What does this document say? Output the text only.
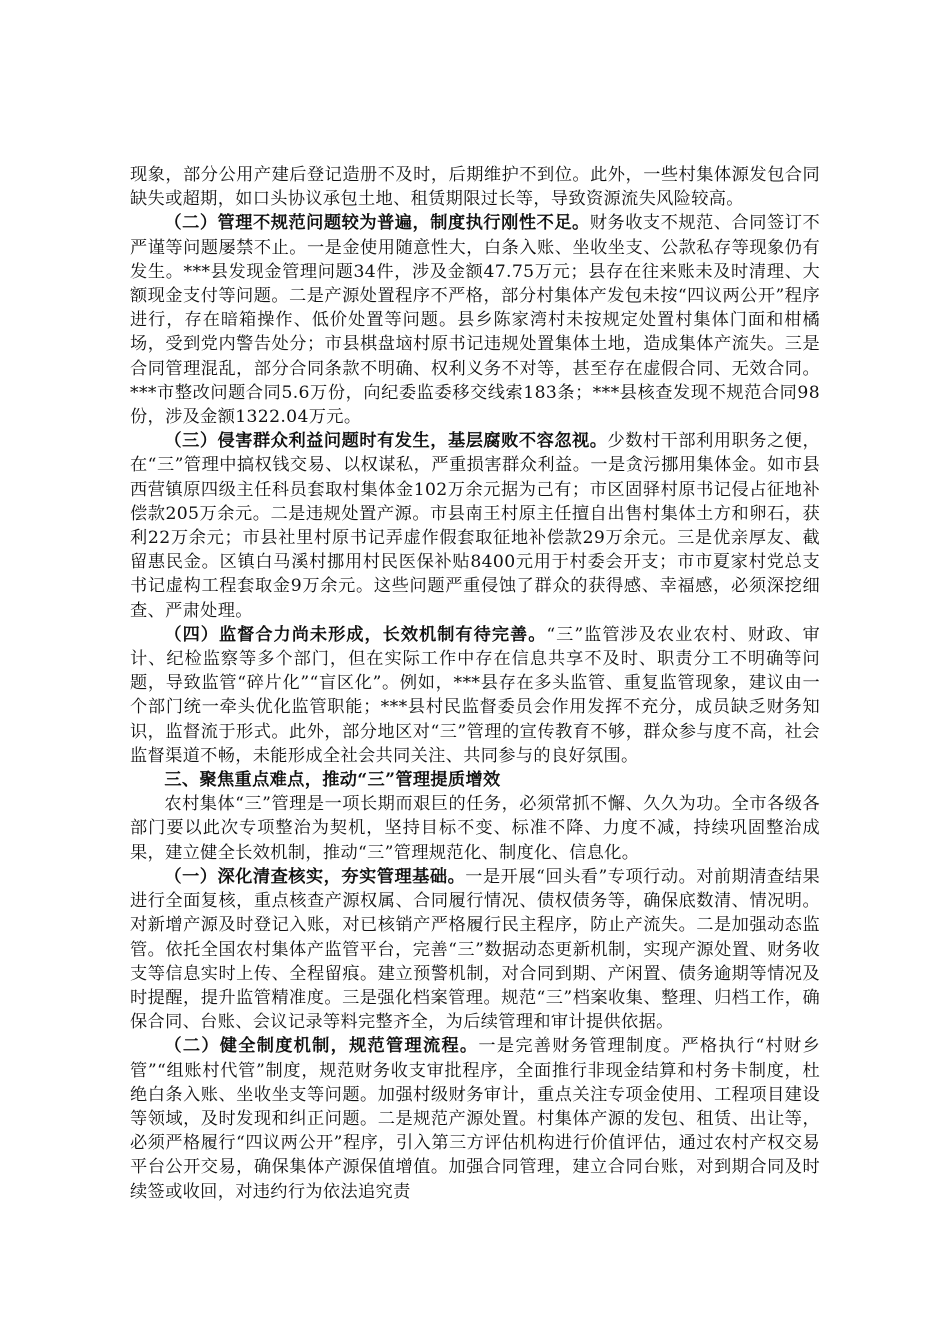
现象，部分公用产建后登记造册不及时，后期维护不到位。此外，一些村集体源发包合同缺失或超期，如口头协议承包土地、租赁期限过长等，导致资源流失风险较高。

（二）管理不规范问题较为普遍，制度执行刚性不足。财务收支不规范、合同签订不严谨等问题屡禁不止。一是金使用随意性大，白条入账、坐收坐支、公款私存等现象仍有发生。***县发现金管理问题34件，涉及金额47.75万元；县存在往来账未及时清理、大额现金支付等问题。二是产源处置程序不严格，部分村集体产发包未按“四议两公开”程序进行，存在暗箱操作、低价处置等问题。县乡陈家湾村未按规定处置村集体门面和柑橘场，受到党内警告处分；市县棋盘垴村原书记违规处置集体土地，造成集体产流失。三是合同管理混乱，部分合同条款不明确、权利义务不对等，甚至存在虚假合同、无效合同。***市整改问题合同5.6万份，向纪委监委移交线索183条；***县核查发现不规范合同98份，涉及金额1322.04万元。

（三）侵害群众利益问题时有发生，基层腐败不容忽视。少数村干部利用职务之便，在“三”管理中搞权钱交易、以权谋私，严重损害群众利益。一是贪污挪用集体金。如市县西营镇原四级主任科员套取村集体金102万余元据为己有；市区固驿村原书记侵占征地补偿款205万余元。二是违规处置产源。市县南王村原主任擅自出售村集体土方和卵石，获利22万余元；市县社里村原书记弄虚作假套取征地补偿款29万余元。三是优亲厚友、截留惠民金。区镇白马溪村挪用村民医保补贴8400元用于村委会开支；市市夏家村党总支书记虚构工程套取金9万余元。这些问题严重侵蚀了群众的获得感、幸福感，必须深挖细查、严肃处理。

（四）监督合力尚未形成，长效机制有待完善。“三”监管涉及农业农村、财政、审计、纪检监察等多个部门，但在实际工作中存在信息共享不及时、职责分工不明确等问题，导致监管“碎片化”“盲区化”。例如，***县存在多头监管、重复监管现象，建议由一个部门统一牵头优化监管职能；***县村民监督委员会作用发挥不充分，成员缺乏财务知识，监督流于形式。此外，部分地区对“三”管理的宣传教育不够，群众参与度不高，社会监督渠道不畅，未能形成全社会共同关注、共同参与的良好氛围。

三、聚焦重点难点，推动“三”管理提质增效

农村集体“三”管理是一项长期而艰巨的任务，必须常抓不懈、久久为功。全市各级各部门要以此次专项整治为契机，坚持目标不变、标准不降、力度不减，持续巩固整治成果，建立健全长效机制，推动“三”管理规范化、制度化、信息化。

（一）深化清查核实，夯实管理基础。一是开展“回头看”专项行动。对前期清查结果进行全面复核，重点核查产源权属、合同履行情况、债权债务等，确保底数清、情况明。对新增产源及时登记入账，对已核销产严格履行民主程序，防止产流失。二是加强动态监管。依托全国农村集体产监管平台，完善“三”数据动态更新机制，实现产源处置、财务收支等信息实时上传、全程留痕。建立预警机制，对合同到期、产闲置、债务逾期等情况及时提醒，提升监管精准度。三是强化档案管理。规范“三”档案收集、整理、归档工作，确保合同、台账、会议记录等料完整齐全，为后续管理和审计提供依据。

（二）健全制度机制，规范管理流程。一是完善财务管理制度。严格执行“村财乡管”“组账村代管”制度，规范财务收支审批程序，全面推行非现金结算和村务卡制度，杜绝白条入账、坐收坐支等问题。加强村级财务审计，重点关注专项金使用、工程项目建设等领域，及时发现和纠正问题。二是规范产源处置。村集体产源的发包、租赁、出让等，必须严格履行“四议两公开”程序，引入第三方评估机构进行价值评估，通过农村产权交易平台公开交易，确保集体产源保值增值。加强合同管理，建立合同台账，对到期合同及时续签或收回，对违约行为依法追究责
